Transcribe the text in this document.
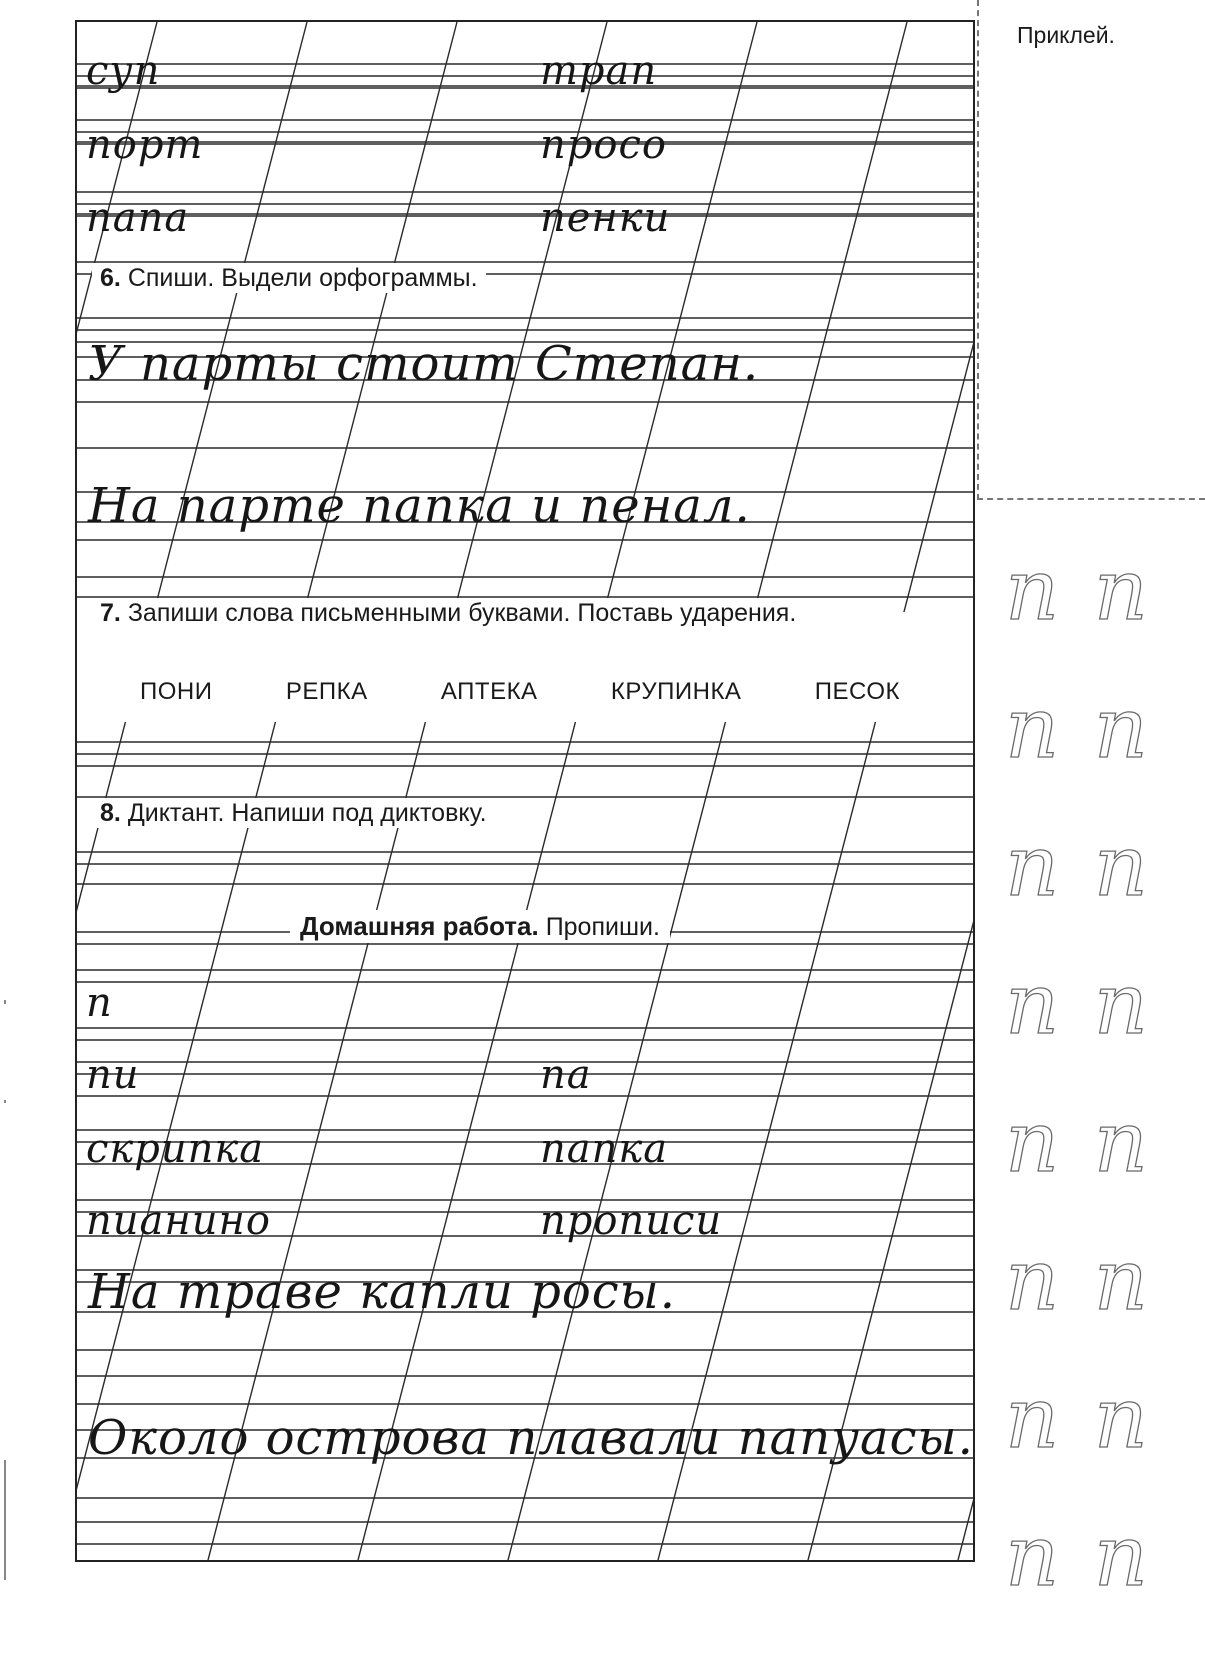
6. Спиши. Выдели орфограммы.
7. Запиши слова письменными буквами. Поставь ударения.
ПОНИ	РЕПКА	АПТЕКА	КРУПИНКА	ПЕСОК
8. Диктант. Напиши под диктовку.
Домашняя работа. Пропиши.
суп	трап
порт	просо
папа	пенки
У парты стоит Степан.
На парте папка и пенал.
п
пи	па
скрипка	папка
пианино	прописи
На траве капли росы.
Около острова плавали папуасы.
Приклей.
п п
п п
п п
п п
п п
п п
п п
п п
